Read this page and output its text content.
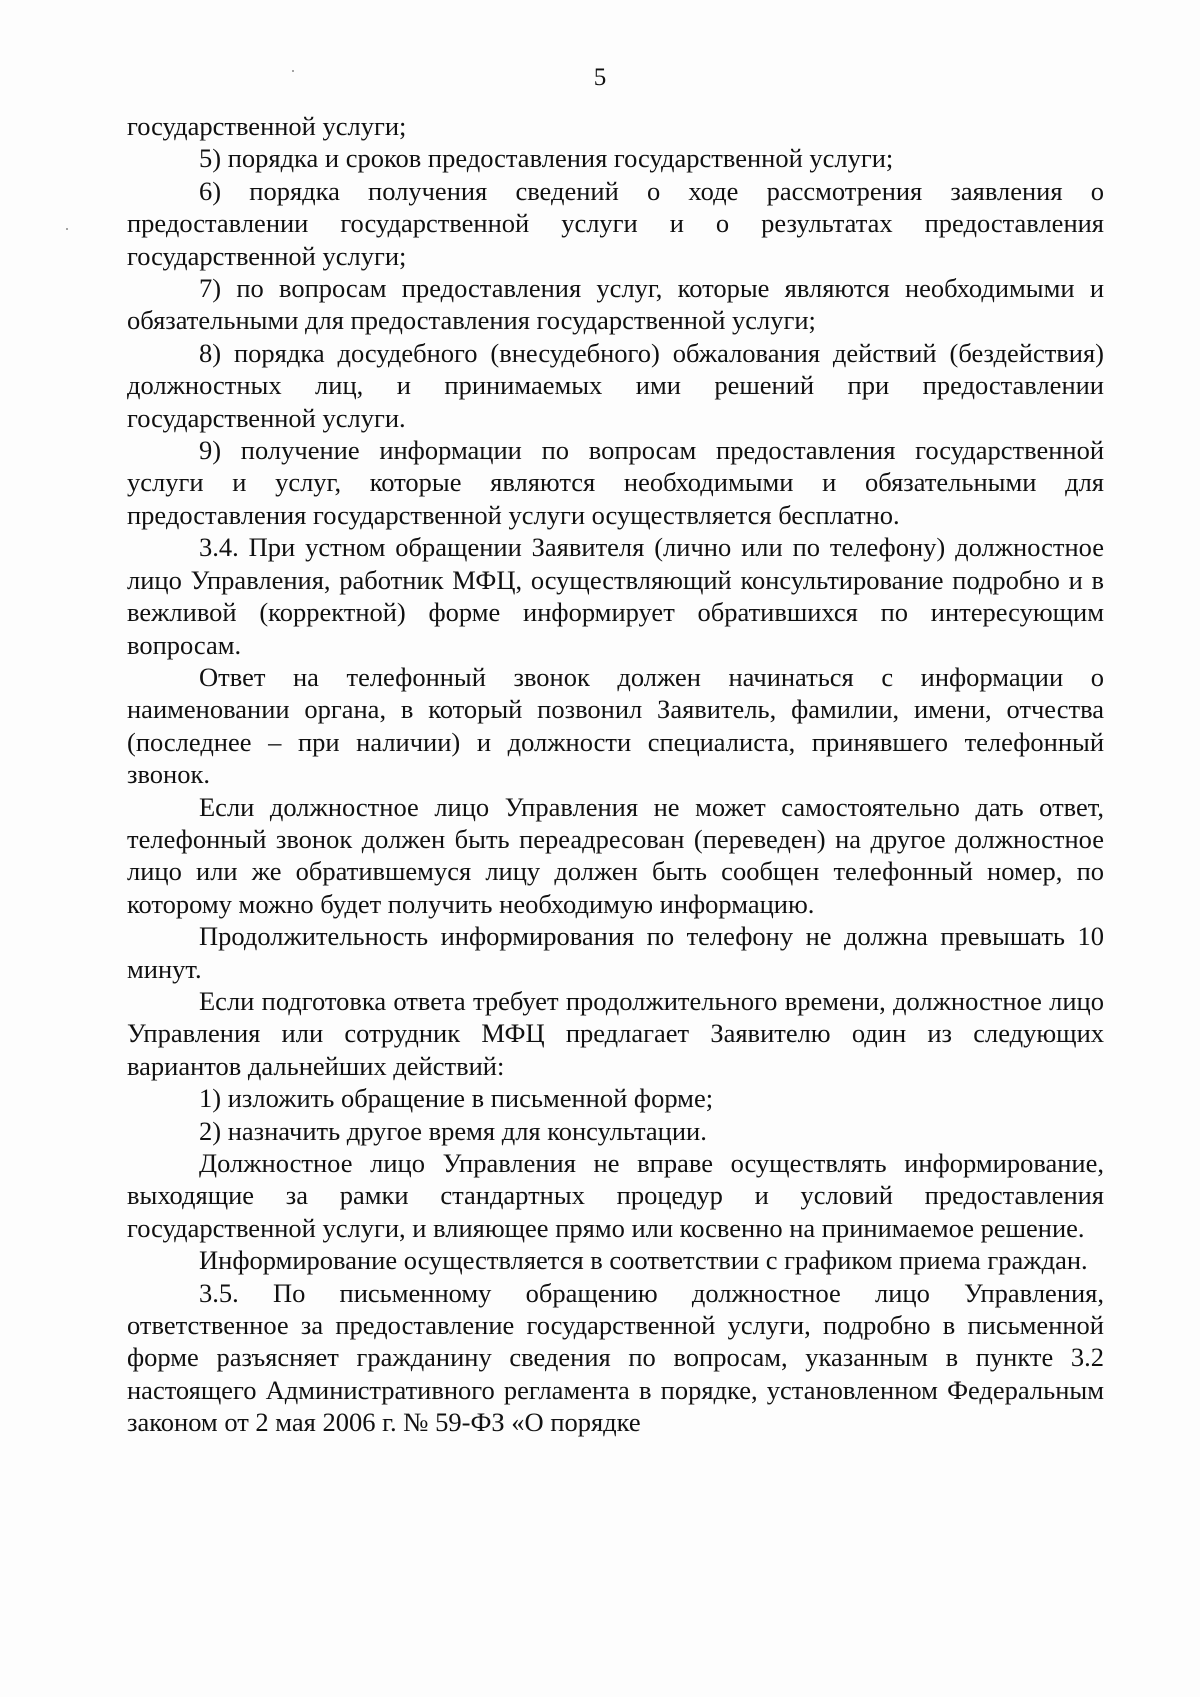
5

государственной услуги;

5) порядка и сроков предоставления государственной услуги;

6) порядка получения сведений о ходе рассмотрения заявления о предоставлении государственной услуги и о результатах предоставления государственной услуги;

7) по вопросам предоставления услуг, которые являются необходимыми и обязательными для предоставления государственной услуги;

8) порядка досудебного (внесудебного) обжалования действий (бездействия) должностных лиц, и принимаемых ими решений при предоставлении государственной услуги.

9) получение информации по вопросам предоставления государственной услуги и услуг, которые являются необходимыми и обязательными для предоставления государственной услуги осуществляется бесплатно.

3.4. При устном обращении Заявителя (лично или по телефону) должностное лицо Управления, работник МФЦ, осуществляющий консультирование подробно и в вежливой (корректной) форме информирует обратившихся по интересующим вопросам.

Ответ на телефонный звонок должен начинаться с информации о наименовании органа, в который позвонил Заявитель, фамилии, имени, отчества (последнее – при наличии) и должности специалиста, принявшего телефонный звонок.

Если должностное лицо Управления не может самостоятельно дать ответ, телефонный звонок должен быть переадресован (переведен) на другое должностное лицо или же обратившемуся лицу должен быть сообщен телефонный номер, по которому можно будет получить необходимую информацию.

Продолжительность информирования по телефону не должна превышать 10 минут.

Если подготовка ответа требует продолжительного времени, должностное лицо Управления или сотрудник МФЦ предлагает Заявителю один из следующих вариантов дальнейших действий:

1) изложить обращение в письменной форме;

2) назначить другое время для консультации.

Должностное лицо Управления не вправе осуществлять информирование, выходящие за рамки стандартных процедур и условий предоставления государственной услуги, и влияющее прямо или косвенно на принимаемое решение.

Информирование осуществляется в соответствии с графиком приема граждан.

3.5. По письменному обращению должностное лицо Управления, ответственное за предоставление государственной услуги, подробно в письменной форме разъясняет гражданину сведения по вопросам, указанным в пункте 3.2 настоящего Административного регламента в порядке, установленном Федеральным законом от 2 мая 2006 г. № 59-ФЗ «О порядке
